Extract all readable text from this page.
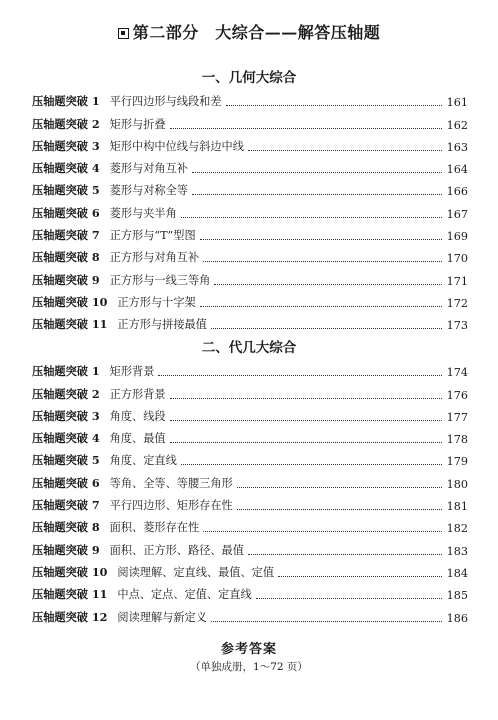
第二部分　大综合——解答压轴题
一、几何大综合
压轴题突破 1 平行四边形与线段和差	161
压轴题突破 2 矩形与折叠	162
压轴题突破 3 矩形中构中位线与斜边中线	163
压轴题突破 4 菱形与对角互补	164
压轴题突破 5 菱形与对称全等	166
压轴题突破 6 菱形与夹半角	167
压轴题突破 7 正方形与“T”型图	169
压轴题突破 8 正方形与对角互补	170
压轴题突破 9 正方形与一线三等角	171
压轴题突破 10 正方形与十字架	172
压轴题突破 11 正方形与拼接最值	173
二、代几大综合
压轴题突破 1 矩形背景	174
压轴题突破 2 正方形背景	176
压轴题突破 3 角度、线段	177
压轴题突破 4 角度、最值	178
压轴题突破 5 角度、定直线	179
压轴题突破 6 等角、全等、等腰三角形	180
压轴题突破 7 平行四边形、矩形存在性	181
压轴题突破 8 面积、菱形存在性	182
压轴题突破 9 面积、正方形、路径、最值	183
压轴题突破 10 阅读理解、定直线、最值、定值	184
压轴题突破 11 中点、定点、定值、定直线	185
压轴题突破 12 阅读理解与新定义	186
参考答案
（单独成册，1～72 页）
